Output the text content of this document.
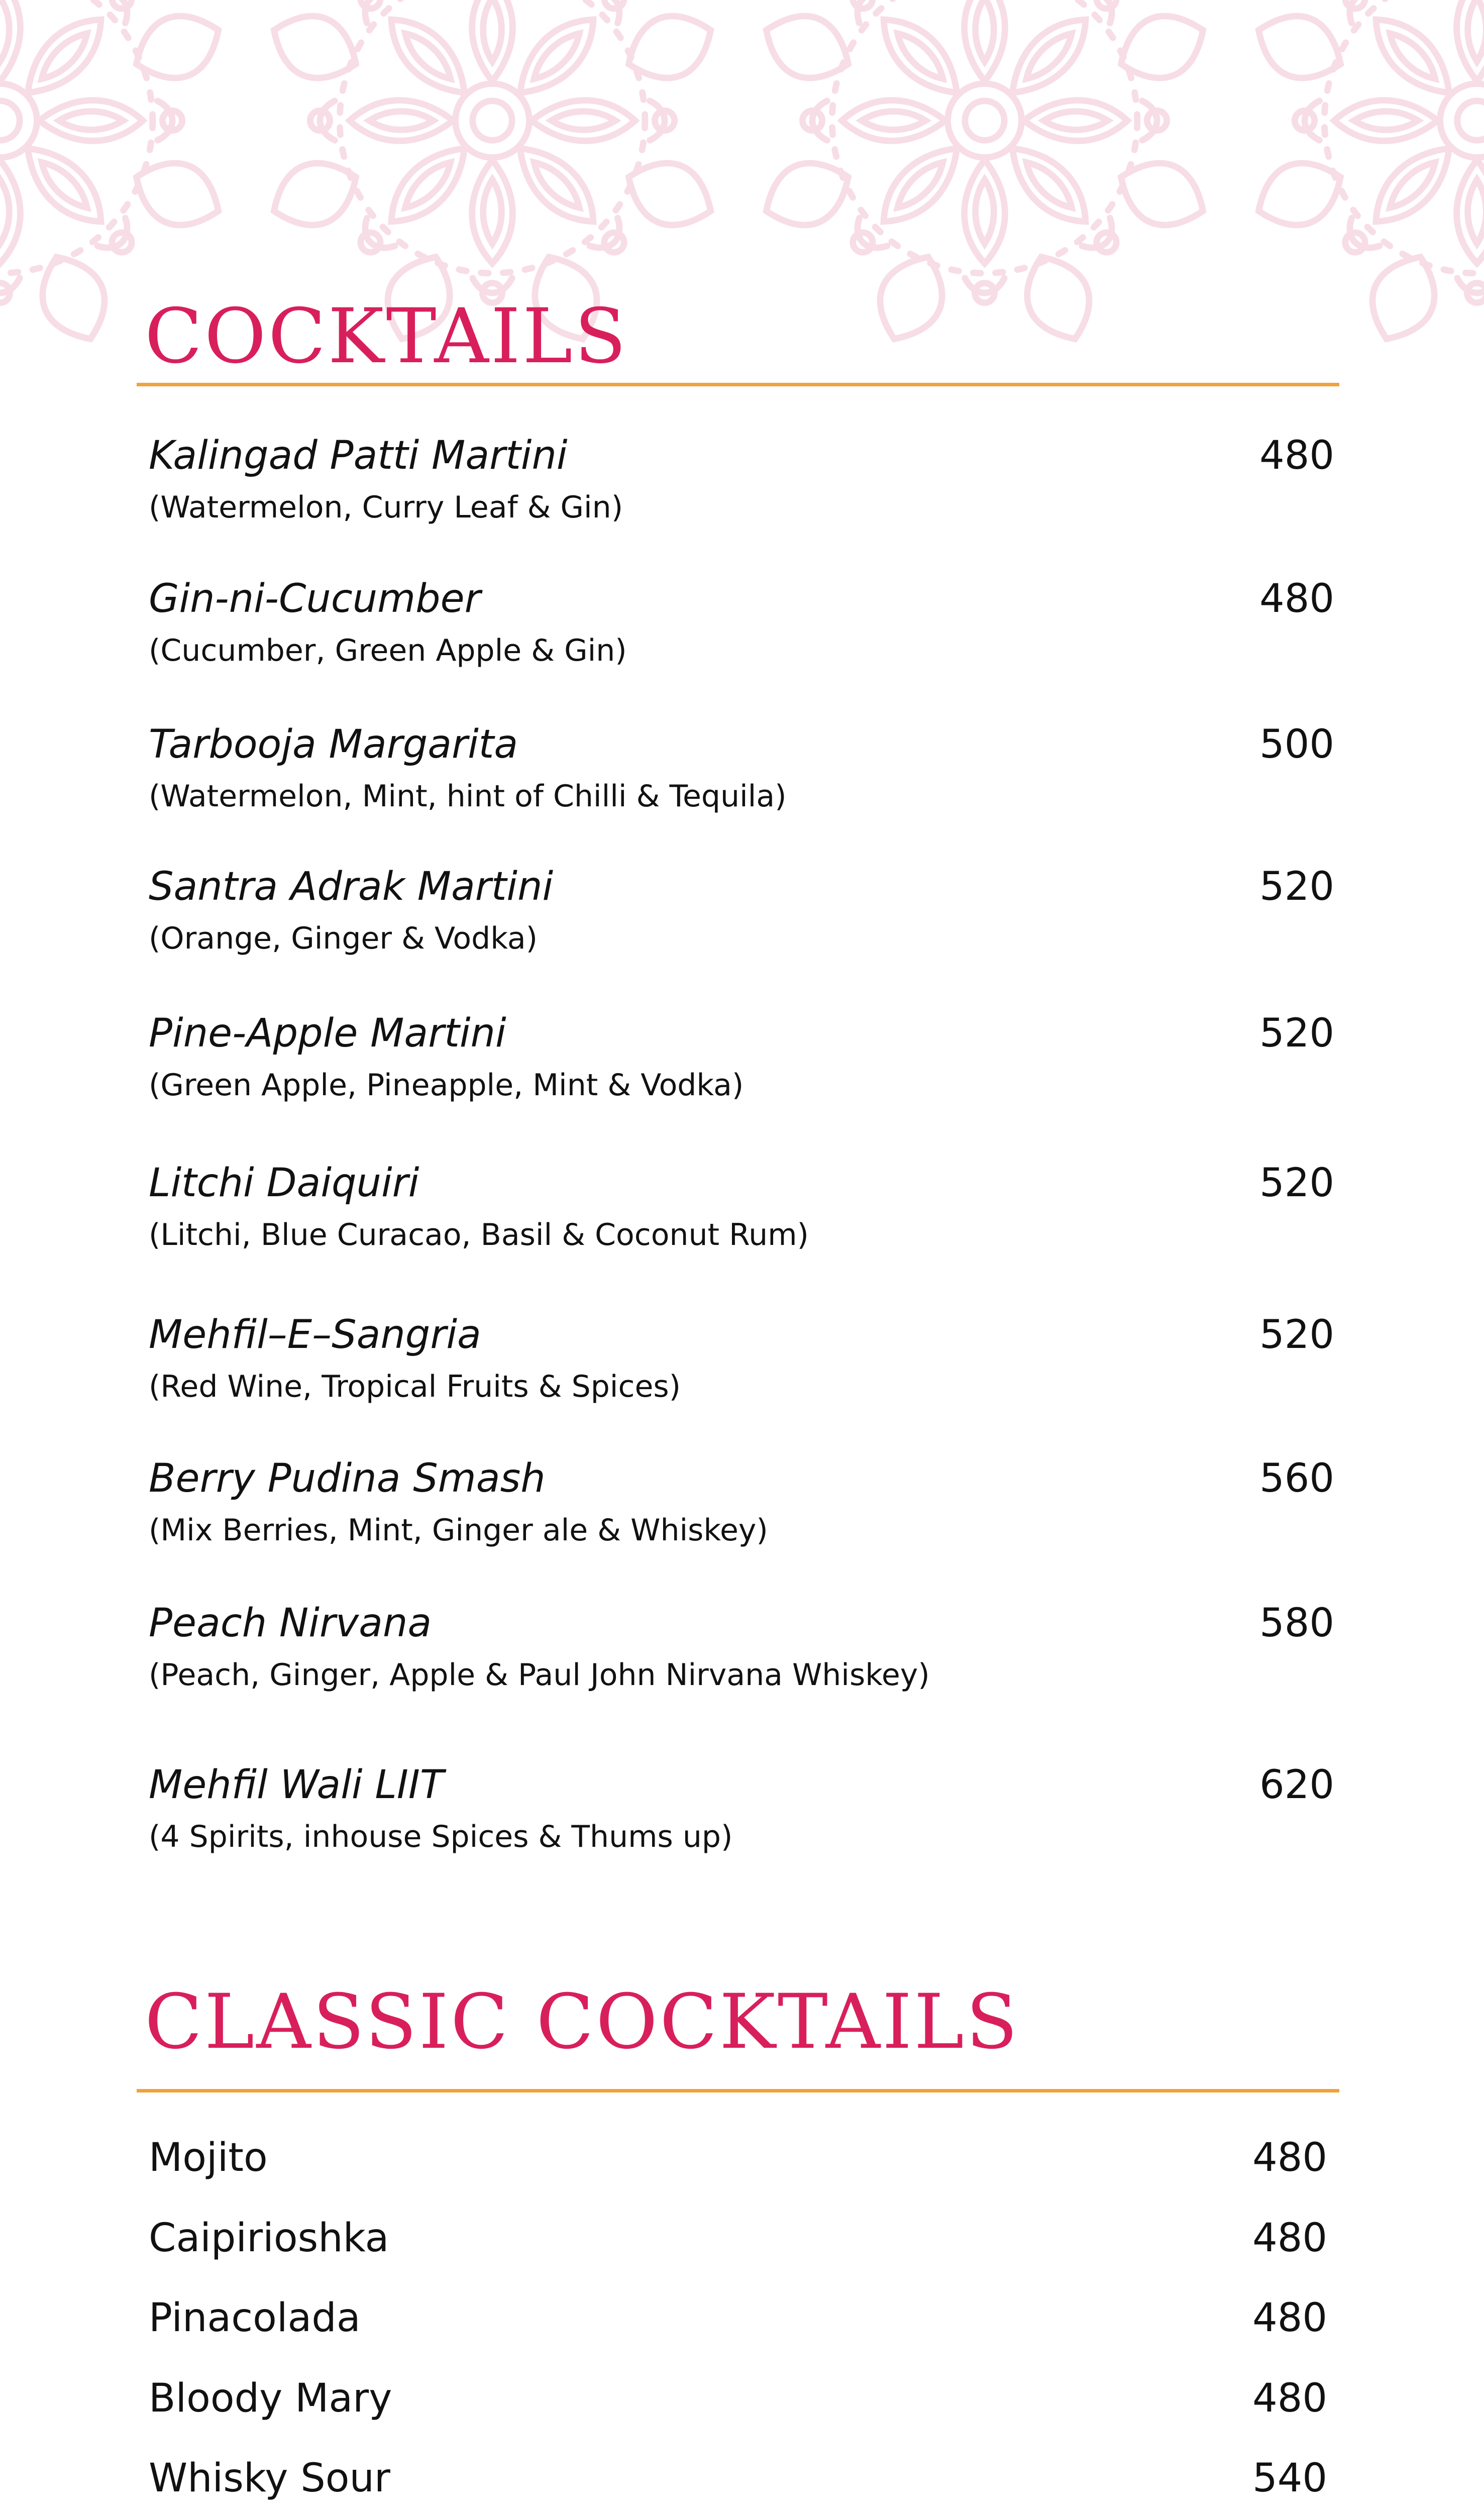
COCKTAILS
Kalingad Patti Martini
(Watermelon, Curry Leaf & Gin)
480
Gin-ni-Cucumber
(Cucumber, Green Apple & Gin)
480
Tarbooja Margarita
(Watermelon, Mint, hint of Chilli & Tequila)
500
Santra Adrak Martini
(Orange, Ginger & Vodka)
520
Pine-Apple Martini
(Green Apple, Pineapple, Mint & Vodka)
520
Litchi Daiquiri
(Litchi, Blue Curacao, Basil & Coconut Rum)
520
Mehfil–E–Sangria
(Red Wine, Tropical Fruits & Spices)
520
Berry Pudina Smash
(Mix Berries, Mint, Ginger ale & Whiskey)
560
Peach Nirvana
(Peach, Ginger, Apple & Paul John Nirvana Whiskey)
580
Mehfil Wali LIIT
(4 Spirits, inhouse Spices & Thums up)
620
CLASSIC COCKTAILS
Mojito	480
Caipirioshka	480
Pinacolada	480
Bloody Mary	480
Whisky Sour	540
